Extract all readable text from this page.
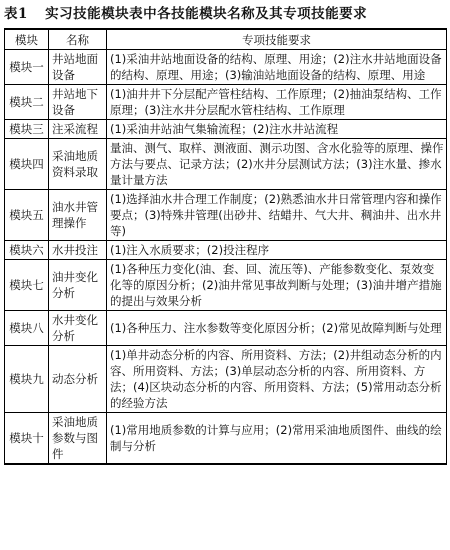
表1 实习技能模块表中各技能模块名称及其专项技能要求
模块	名称	专项技能要求
模块一	井站地面设备	(1)采油井站地面设备的结构、原理、用途；(2)注水井站地面设备的结构、原理、用途；(3)输油站地面设备的结构、原理、用途
模块二	井站地下设备	(1)油井井下分层配产管柱结构、工作原理；(2)抽油泵结构、工作原理；(3)注水井分层配水管柱结构、工作原理
模块三	注采流程	(1)采油井站油气集输流程；(2)注水井站流程
模块四	采油地质资料录取	量油、测气、取样、测液面、测示功图、含水化验等的原理、操作方法与要点、记录方法；(2)水井分层测试方法；(3)注水量、掺水量计量方法
模块五	油水井管理操作	(1)选择油水井合理工作制度；(2)熟悉油水井日常管理内容和操作要点；(3)特殊井管理(出砂井、结蜡井、气大井、稠油井、出水井等)
模块六	水井投注	(1)注入水质要求；(2)投注程序
模块七	油井变化分析	(1)各种压力变化(油、套、回、流压等)、产能参数变化、泵效变化等的原因分析；(2)油井常见事故判断与处理；(3)油井增产措施的提出与效果分析
模块八	水井变化分析	(1)各种压力、注水参数等变化原因分析；(2)常见故障判断与处理
模块九	动态分析	(1)单井动态分析的内容、所用资料、方法；(2)井组动态分析的内容、所用资料、方法；(3)单层动态分析的内容、所用资料、方法；(4)区块动态分析的内容、所用资料、方法；(5)常用动态分析的经验方法
模块十	采油地质参数与图件	(1)常用地质参数的计算与应用；(2)常用采油地质图件、曲线的绘制与分析
